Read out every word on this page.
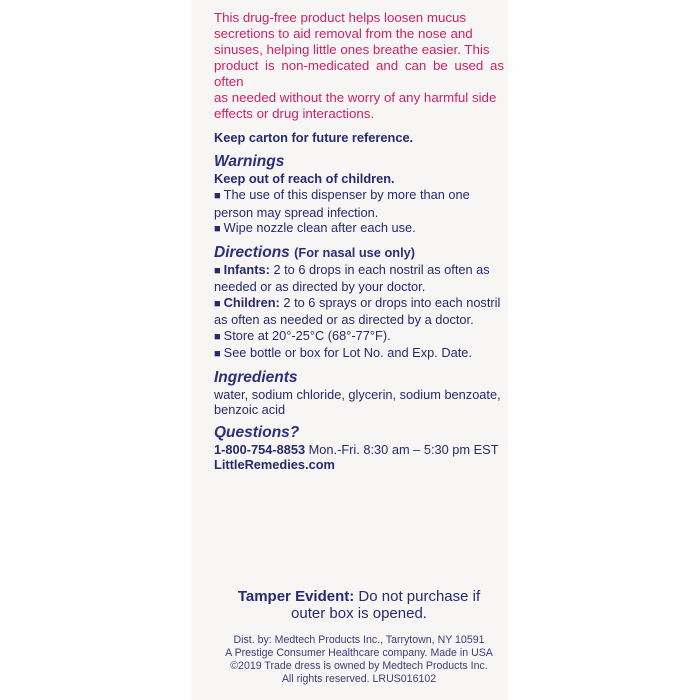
This drug-free product helps loosen mucus
secretions to aid removal from the nose and
sinuses, helping little ones breathe easier. This
product is non-medicated and can be used as often
as needed without the worry of any harmful side
effects or drug interactions.

Keep carton for future reference.

Warnings

Keep out of reach of children.

■ The use of this dispenser by more than one
person may spread infection.

■ Wipe nozzle clean after each use.

Directions (For nasal use only)

■ Infants: 2 to 6 drops in each nostril as often as
needed or as directed by your doctor.

■ Children: 2 to 6 sprays or drops into each nostril
as often as needed or as directed by a doctor.

■ Store at 20°-25°C (68°-77°F).

■ See bottle or box for Lot No. and Exp. Date.

Ingredients

water, sodium chloride, glycerin, sodium benzoate,
benzoic acid

Questions?

1-800-754-8853 Mon.-Fri. 8:30 am – 5:30 pm EST

LittleRemedies.com

Tamper Evident: Do not purchase if
outer box is opened.

Dist. by: Medtech Products Inc., Tarrytown, NY 10591

A Prestige Consumer Healthcare company. Made in USA

©2019 Trade dress is owned by Medtech Products Inc.

All rights reserved. LRUS016102
